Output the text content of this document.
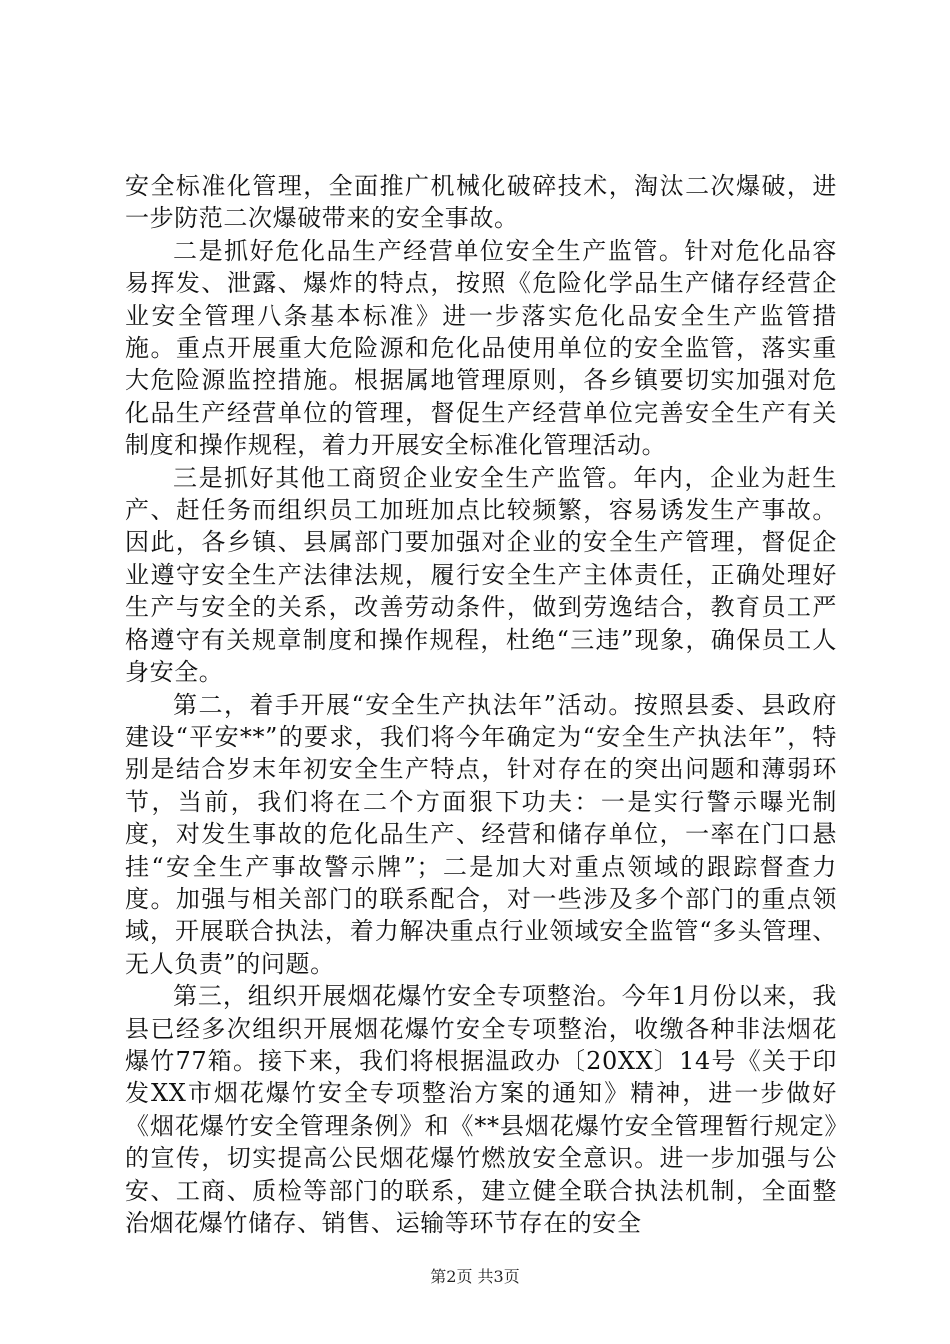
安全标准化管理，全面推广机械化破碎技术，淘汰二次爆破，进一步防范二次爆破带来的安全事故。

二是抓好危化品生产经营单位安全生产监管。针对危化品容易挥发、泄露、爆炸的特点，按照《危险化学品生产储存经营企业安全管理八条基本标准》进一步落实危化品安全生产监管措施。重点开展重大危险源和危化品使用单位的安全监管，落实重大危险源监控措施。根据属地管理原则，各乡镇要切实加强对危化品生产经营单位的管理，督促生产经营单位完善安全生产有关制度和操作规程，着力开展安全标准化管理活动。

三是抓好其他工商贸企业安全生产监管。年内，企业为赶生产、赶任务而组织员工加班加点比较频繁，容易诱发生产事故。因此，各乡镇、县属部门要加强对企业的安全生产管理，督促企业遵守安全生产法律法规，履行安全生产主体责任，正确处理好生产与安全的关系，改善劳动条件，做到劳逸结合，教育员工严格遵守有关规章制度和操作规程，杜绝“三违”现象，确保员工人身安全。

第二，着手开展“安全生产执法年”活动。按照县委、县政府建设“平安**”的要求，我们将今年确定为“安全生产执法年”，特别是结合岁末年初安全生产特点，针对存在的突出问题和薄弱环节，当前，我们将在二个方面狠下功夫：一是实行警示曝光制度，对发生事故的危化品生产、经营和储存单位，一率在门口悬挂“安全生产事故警示牌”；二是加大对重点领域的跟踪督查力度。加强与相关部门的联系配合，对一些涉及多个部门的重点领域，开展联合执法，着力解决重点行业领域安全监管“多头管理、无人负责”的问题。

第三，组织开展烟花爆竹安全专项整治。今年1月份以来，我县已经多次组织开展烟花爆竹安全专项整治，收缴各种非法烟花爆竹77箱。接下来，我们将根据温政办〔20XX〕14号《关于印发XX市烟花爆竹安全专项整治方案的通知》精神，进一步做好《烟花爆竹安全管理条例》和《**县烟花爆竹安全管理暂行规定》的宣传，切实提高公民烟花爆竹燃放安全意识。进一步加强与公安、工商、质检等部门的联系，建立健全联合执法机制，全面整治烟花爆竹储存、销售、运输等环节存在的安全

第2页 共3页
